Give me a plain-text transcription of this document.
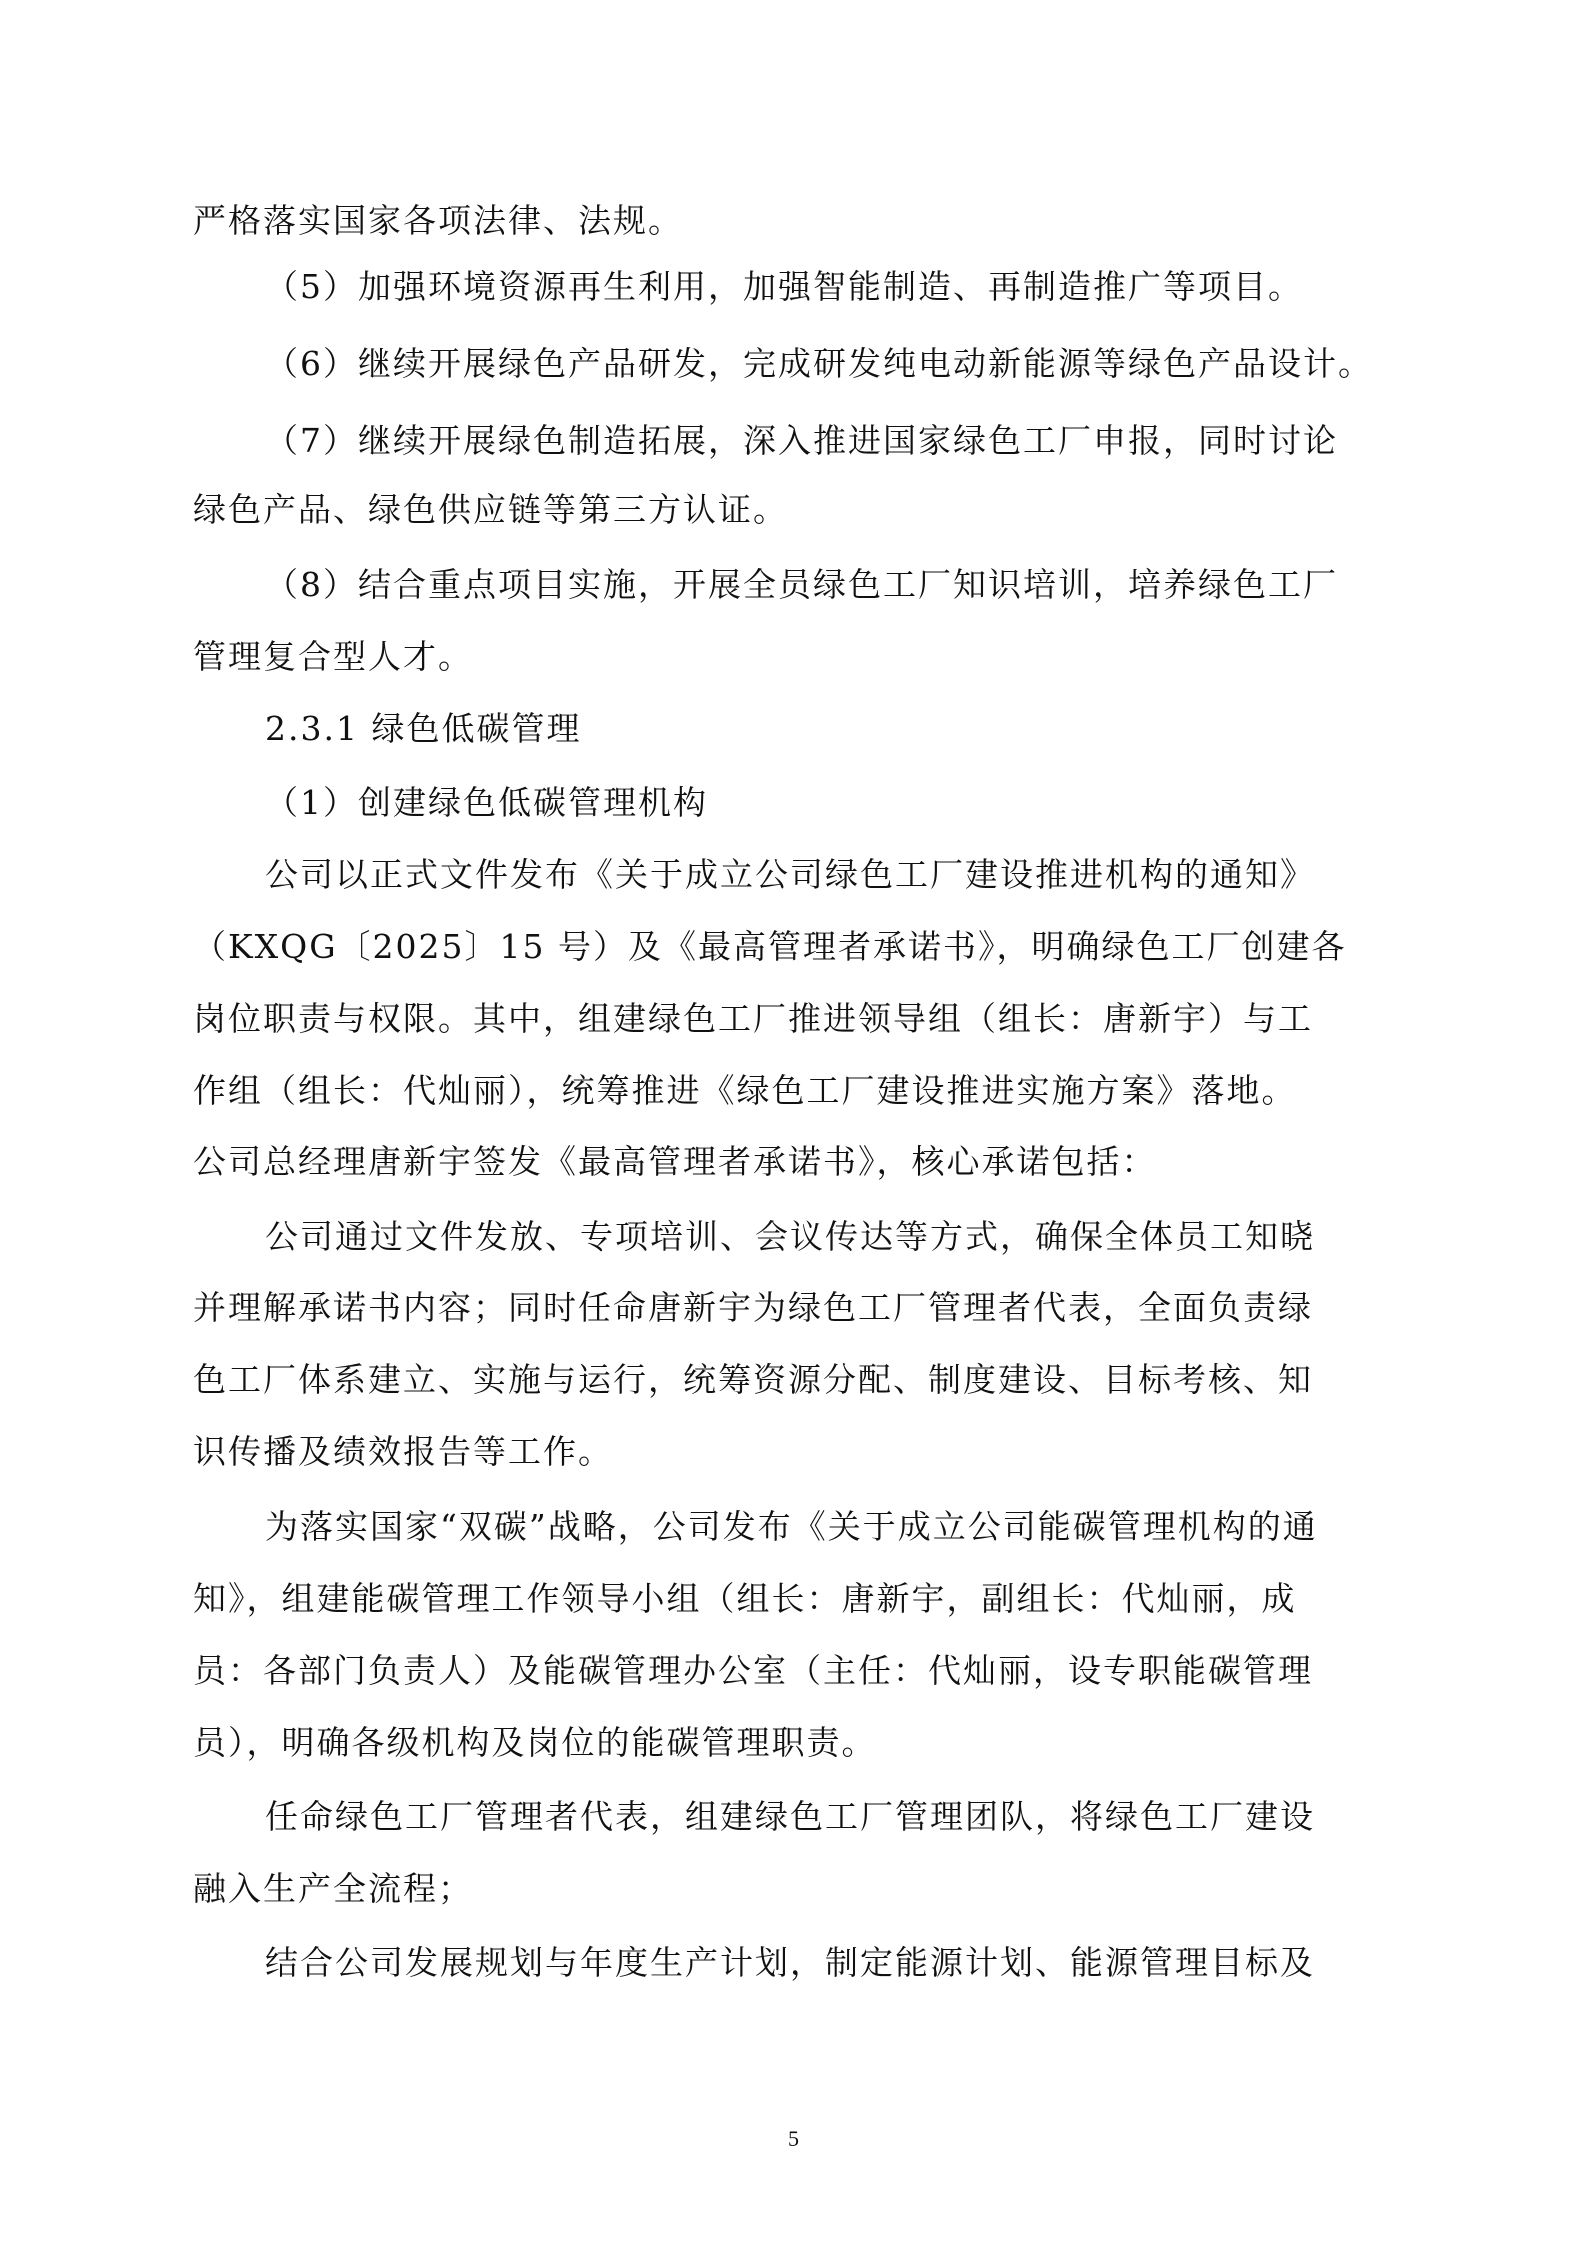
严格落实国家各项法律、法规。
（5）加强环境资源再生利用，加强智能制造、再制造推广等项目。
（6）继续开展绿色产品研发，完成研发纯电动新能源等绿色产品设计。
（7）继续开展绿色制造拓展，深入推进国家绿色工厂申报，同时讨论
绿色产品、绿色供应链等第三方认证。
（8）结合重点项目实施，开展全员绿色工厂知识培训，培养绿色工厂
管理复合型人才。
2.3.1 绿色低碳管理
（1）创建绿色低碳管理机构
公司以正式文件发布《关于成立公司绿色工厂建设推进机构的通知》
（KXQG〔2025〕15 号）及《最高管理者承诺书》，明确绿色工厂创建各
岗位职责与权限。其中，组建绿色工厂推进领导组（组长：唐新宇）与工
作组（组长：代灿丽），统筹推进《绿色工厂建设推进实施方案》落地。
公司总经理唐新宇签发《最高管理者承诺书》，核心承诺包括：
公司通过文件发放、专项培训、会议传达等方式，确保全体员工知晓
并理解承诺书内容；同时任命唐新宇为绿色工厂管理者代表，全面负责绿
色工厂体系建立、实施与运行，统筹资源分配、制度建设、目标考核、知
识传播及绩效报告等工作。
为落实国家“双碳”战略，公司发布《关于成立公司能碳管理机构的通
知》，组建能碳管理工作领导小组（组长：唐新宇，副组长：代灿丽，成
员：各部门负责人）及能碳管理办公室（主任：代灿丽，设专职能碳管理
员），明确各级机构及岗位的能碳管理职责。
任命绿色工厂管理者代表，组建绿色工厂管理团队，将绿色工厂建设
融入生产全流程；
结合公司发展规划与年度生产计划，制定能源计划、能源管理目标及
5
